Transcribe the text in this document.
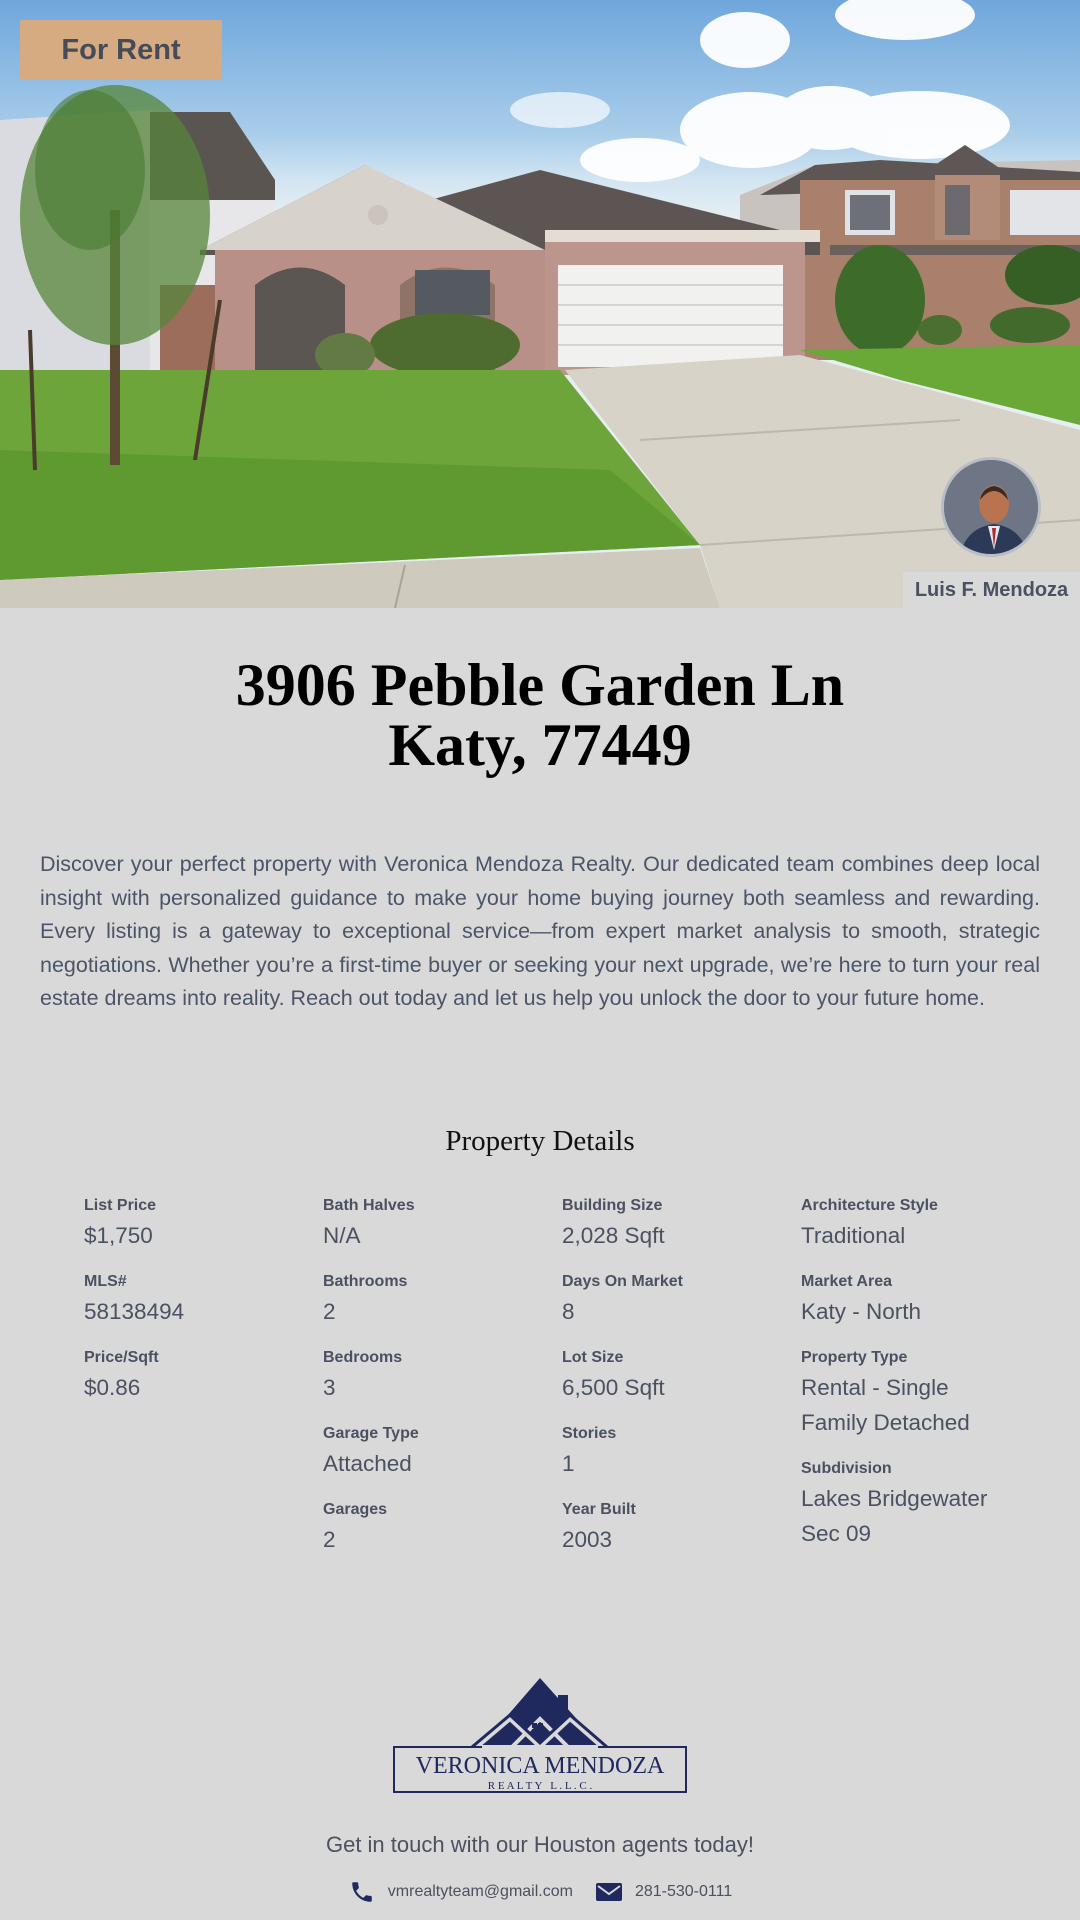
For Rent
Luis F. Mendoza
3906 Pebble Garden Ln
Katy, 77449

Discover your perfect property with Veronica Mendoza Realty. Our dedicated team combines deep local insight with personalized guidance to make your home buying journey both seamless and rewarding. Every listing is a gateway to exceptional service—from expert market analysis to smooth, strategic negotiations. Whether you’re a first-time buyer or seeking your next upgrade, we’re here to turn your real estate dreams into reality. Reach out today and let us help you unlock the door to your future home.

Property Details
List Price
$1,750
MLS#
58138494
Price/Sqft
$0.86
Bath Halves
N/A
Bathrooms
2
Bedrooms
3
Garage Type
Attached
Garages
2
Building Size
2,028 Sqft
Days On Market
8
Lot Size
6,500 Sqft
Stories
1
Year Built
2003
Architecture Style
Traditional
Market Area
Katy - North
Property Type
Rental - Single Family Detached
Subdivision
Lakes Bridgewater Sec 09
VERONICA MENDOZA
R E A L T Y   L . L . C .
Get in touch with our Houston agents today!
vmrealtyteam@gmail.com	281-530-0111
